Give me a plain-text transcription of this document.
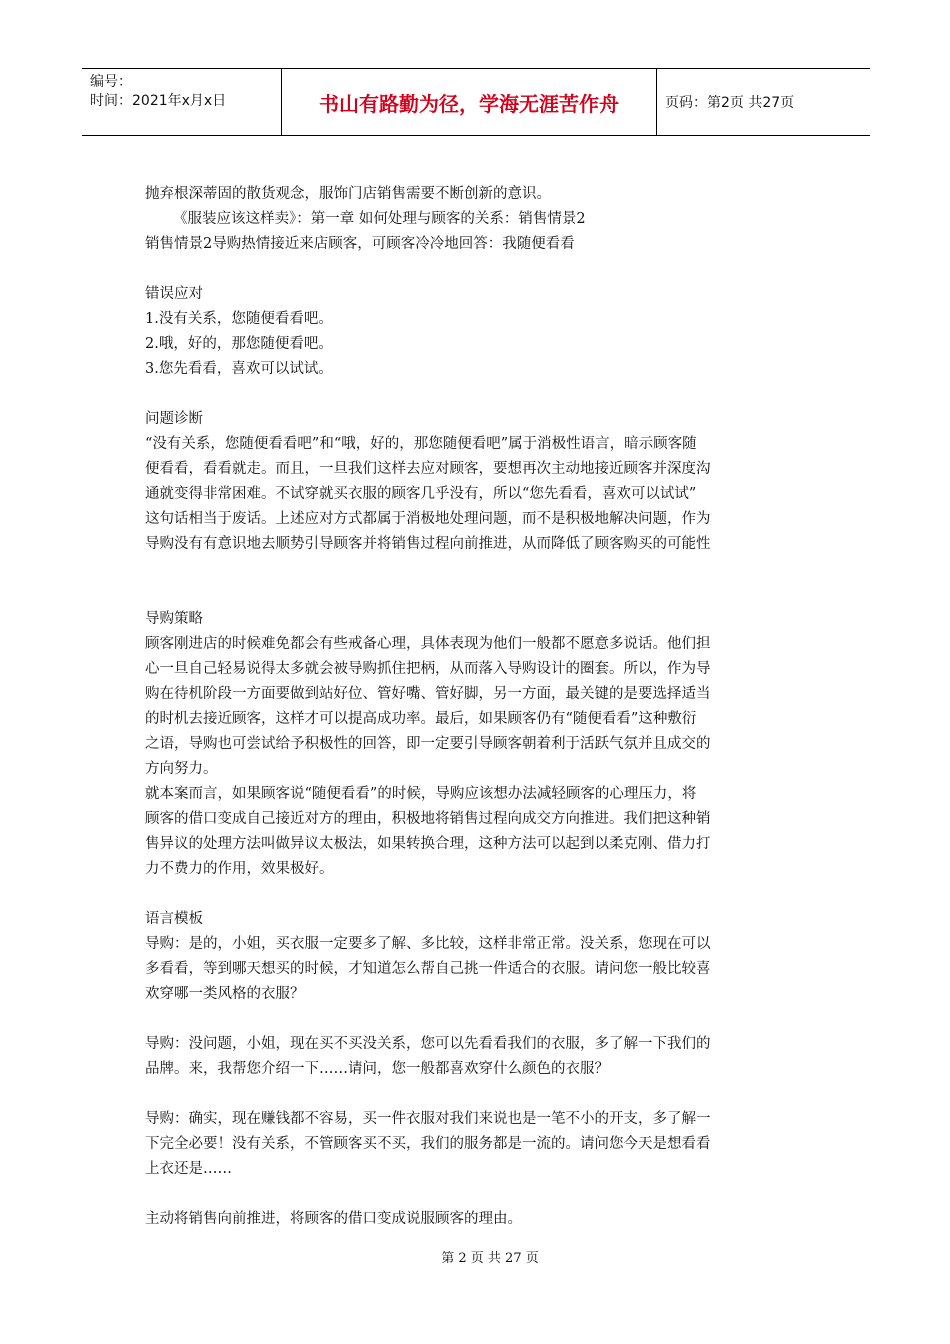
编号：
时间：2021年x月x日	书山有路勤为径，学海无涯苦作舟	页码：第2页 共27页

抛弃根深蒂固的散货观念，服饰门店销售需要不断创新的意识。

《服装应该这样卖》：第一章 如何处理与顾客的关系：销售情景2

销售情景2导购热情接近来店顾客，可顾客冷冷地回答：我随便看看

错误应对

1.没有关系，您随便看看吧。

2.哦，好的，那您随便看吧。

3.您先看看，喜欢可以试试。

问题诊断

“没有关系，您随便看看吧”和“哦，好的，那您随便看吧”属于消极性语言，暗示顾客随

便看看，看看就走。而且，一旦我们这样去应对顾客，要想再次主动地接近顾客并深度沟

通就变得非常困难。不试穿就买衣服的顾客几乎没有，所以“您先看看，喜欢可以试试”

这句话相当于废话。上述应对方式都属于消极地处理问题，而不是积极地解决问题，作为

导购没有有意识地去顺势引导顾客并将销售过程向前推进，从而降低了顾客购买的可能性

导购策略

顾客刚进店的时候难免都会有些戒备心理，具体表现为他们一般都不愿意多说话。他们担

心一旦自己轻易说得太多就会被导购抓住把柄，从而落入导购设计的圈套。所以，作为导

购在待机阶段一方面要做到站好位、管好嘴、管好脚，另一方面，最关键的是要选择适当

的时机去接近顾客，这样才可以提高成功率。最后，如果顾客仍有“随便看看”这种敷衍

之语，导购也可尝试给予积极性的回答，即一定要引导顾客朝着利于活跃气氛并且成交的

方向努力。

就本案而言，如果顾客说“随便看看”的时候，导购应该想办法减轻顾客的心理压力，将

顾客的借口变成自己接近对方的理由，积极地将销售过程向成交方向推进。我们把这种销

售异议的处理方法叫做异议太极法，如果转换合理，这种方法可以起到以柔克刚、借力打

力不费力的作用，效果极好。

语言模板

导购：是的，小姐，买衣服一定要多了解、多比较，这样非常正常。没关系，您现在可以

多看看，等到哪天想买的时候，才知道怎么帮自己挑一件适合的衣服。请问您一般比较喜

欢穿哪一类风格的衣服？

导购：没问题，小姐，现在买不买没关系，您可以先看看我们的衣服，多了解一下我们的

品牌。来，我帮您介绍一下……请问，您一般都喜欢穿什么颜色的衣服？

导购：确实，现在赚钱都不容易，买一件衣服对我们来说也是一笔不小的开支，多了解一

下完全必要！没有关系，不管顾客买不买，我们的服务都是一流的。请问您今天是想看看

上衣还是……

主动将销售向前推进，将顾客的借口变成说服顾客的理由。

第 2 页 共 27 页
